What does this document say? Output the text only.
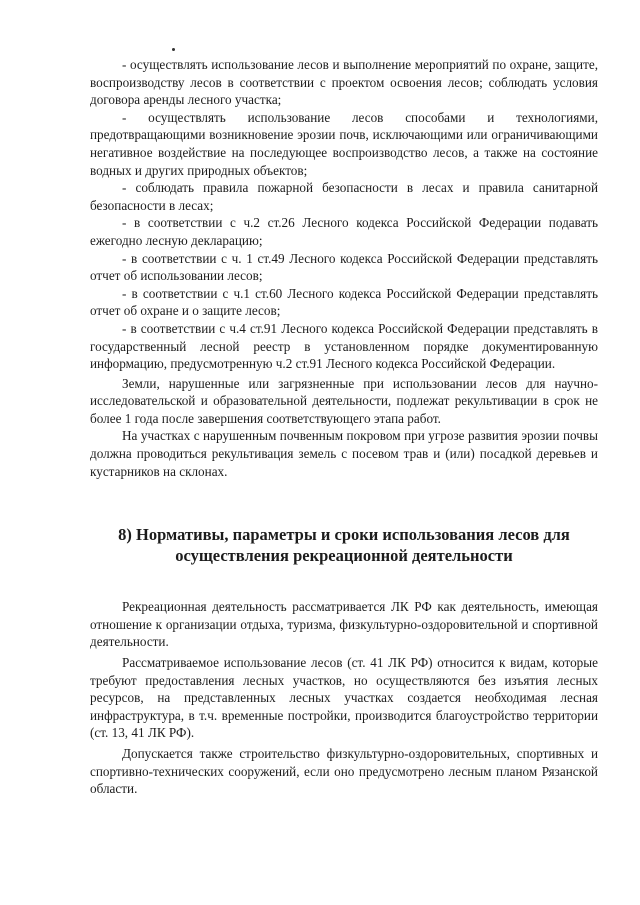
- осуществлять использование лесов и выполнение мероприятий по охране, защите, воспроизводству лесов в соответствии с проектом освоения лесов; соблюдать условия договора аренды лесного участка;

- осуществлять использование лесов способами и технологиями, предотвращающими возникновение эрозии почв, исключающими или ограничивающими негативное воздействие на последующее воспроизводство лесов, а также на состояние водных и других природных объектов;

- соблюдать правила пожарной безопасности в лесах и правила санитарной безопасности в лесах;

- в соответствии с ч.2 ст.26 Лесного кодекса Российской Федерации подавать ежегодно лесную декларацию;

- в соответствии с ч. 1 ст.49 Лесного кодекса Российской Федерации представлять отчет об использовании лесов;

- в соответствии с ч.1 ст.60 Лесного кодекса Российской Федерации представлять отчет об охране и о защите лесов;

- в соответствии с ч.4 ст.91 Лесного кодекса Российской Федерации представлять в государственный лесной реестр в установленном порядке документированную информацию, предусмотренную ч.2 ст.91 Лесного кодекса Российской Федерации.

Земли, нарушенные или загрязненные при использовании лесов для научно-исследовательской и образовательной деятельности, подлежат рекультивации в срок не более 1 года после завершения соответствующего этапа работ.

На участках с нарушенным почвенным покровом при угрозе развития эрозии почвы должна проводиться рекультивация земель с посевом трав и (или) посадкой деревьев и кустарников на склонах.

8) Нормативы, параметры и сроки использования лесов для осуществления рекреационной деятельности

Рекреационная деятельность рассматривается ЛК РФ как деятельность, имеющая отношение к организации отдыха, туризма, физкультурно-оздоровительной и спортивной деятельности.

Рассматриваемое использование лесов (ст. 41 ЛК РФ) относится к видам, которые требуют предоставления лесных участков, но осуществляются без изъятия лесных ресурсов, на представленных лесных участках создается необходимая лесная инфраструктура, в т.ч. временные постройки, производится благоустройство территории (ст. 13, 41 ЛК РФ).

Допускается также строительство физкультурно-оздоровительных, спортивных и спортивно-технических сооружений, если оно предусмотрено лесным планом Рязанской области.
